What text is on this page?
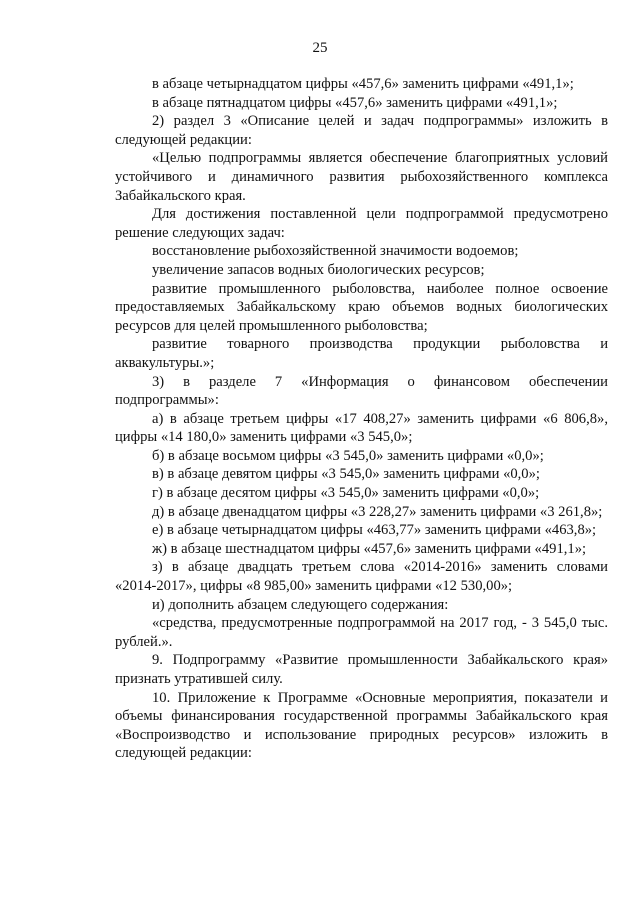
25

в абзаце четырнадцатом цифры «457,6» заменить цифрами «491,1»;

в абзаце пятнадцатом цифры «457,6» заменить цифрами «491,1»;

2) раздел 3 «Описание целей и задач подпрограммы» изложить в следующей редакции:

«Целью подпрограммы является обеспечение благоприятных условий устойчивого и динамичного развития рыбохозяйственного комплекса Забайкальского края.

Для достижения поставленной цели подпрограммой предусмотрено решение следующих задач:

восстановление рыбохозяйственной значимости водоемов;

увеличение запасов водных биологических ресурсов;

развитие промышленного рыболовства, наиболее полное освоение предоставляемых Забайкальскому краю объемов водных биологических ресурсов для целей промышленного рыболовства;

развитие товарного производства продукции рыболовства и аквакультуры.»;

3) в разделе 7 «Информация о финансовом обеспечении подпрограммы»:

а) в абзаце третьем цифры «17 408,27» заменить цифрами «6 806,8», цифры «14 180,0» заменить цифрами «3 545,0»;

б) в абзаце восьмом цифры «3 545,0» заменить цифрами «0,0»;

в) в абзаце девятом цифры «3 545,0» заменить цифрами «0,0»;

г) в абзаце десятом цифры «3 545,0» заменить цифрами «0,0»;

д) в абзаце двенадцатом цифры «3 228,27» заменить цифрами «3 261,8»;

е) в абзаце четырнадцатом цифры «463,77» заменить цифрами «463,8»;

ж) в абзаце шестнадцатом цифры «457,6» заменить цифрами «491,1»;

з) в абзаце двадцать третьем слова «2014-2016» заменить словами «2014-2017», цифры «8 985,00» заменить цифрами «12 530,00»;

и) дополнить абзацем следующего содержания:

«средства, предусмотренные подпрограммой на 2017 год, - 3 545,0 тыс. рублей.».

9. Подпрограмму «Развитие промышленности Забайкальского края» признать утратившей силу.

10. Приложение к Программе «Основные мероприятия, показатели и объемы финансирования государственной программы Забайкальского края «Воспроизводство и использование природных ресурсов» изложить в следующей редакции:
